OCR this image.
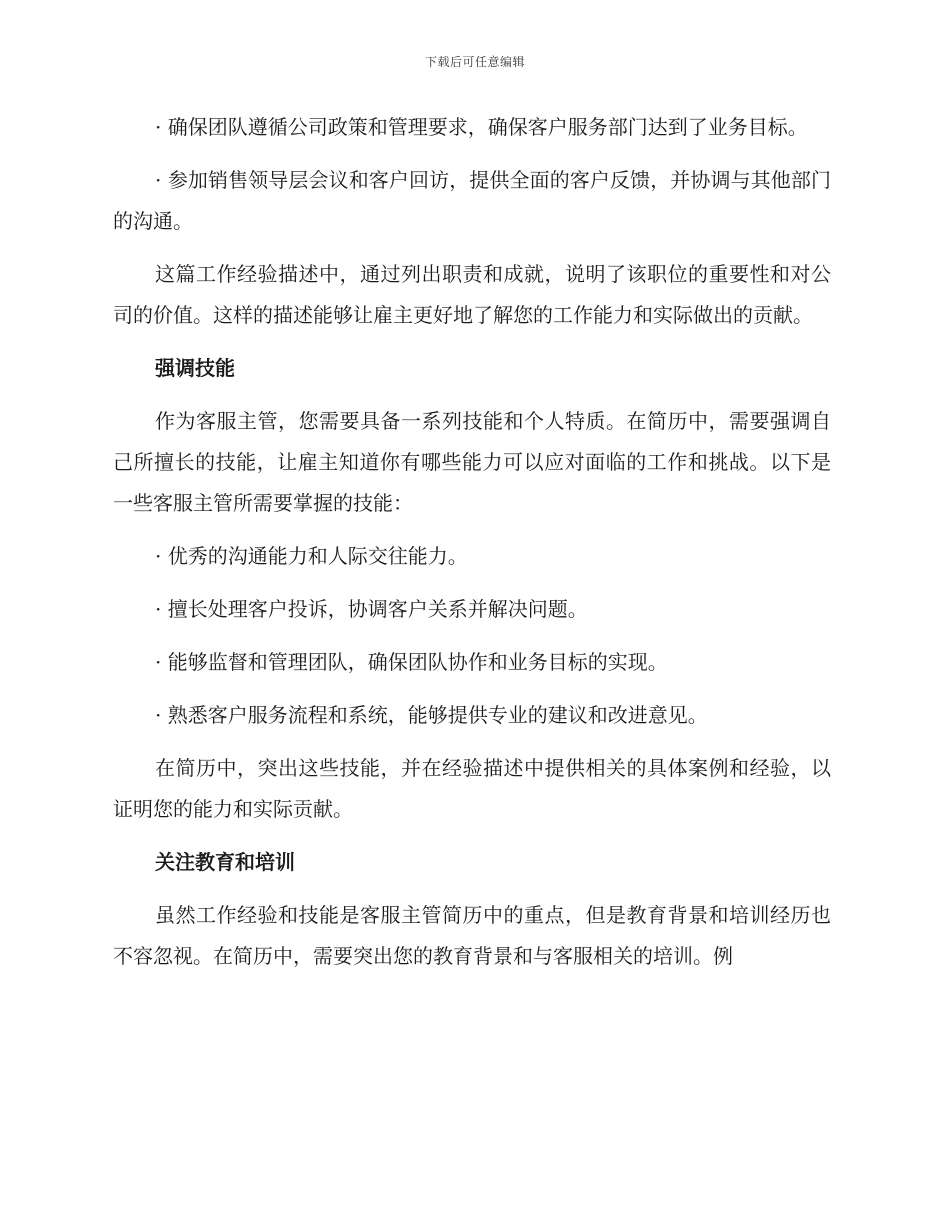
下载后可任意编辑

· 确保团队遵循公司政策和管理要求，确保客户服务部门达到了业务目标。

· 参加销售领导层会议和客户回访，提供全面的客户反馈，并协调与其他部门的沟通。

这篇工作经验描述中，通过列出职责和成就，说明了该职位的重要性和对公司的价值。这样的描述能够让雇主更好地了解您的工作能力和实际做出的贡献。

强调技能

作为客服主管，您需要具备一系列技能和个人特质。在简历中，需要强调自己所擅长的技能，让雇主知道你有哪些能力可以应对面临的工作和挑战。以下是一些客服主管所需要掌握的技能：

· 优秀的沟通能力和人际交往能力。

· 擅长处理客户投诉，协调客户关系并解决问题。

· 能够监督和管理团队，确保团队协作和业务目标的实现。

· 熟悉客户服务流程和系统，能够提供专业的建议和改进意见。

在简历中，突出这些技能，并在经验描述中提供相关的具体案例和经验，以证明您的能力和实际贡献。

关注教育和培训

虽然工作经验和技能是客服主管简历中的重点，但是教育背景和培训经历也不容忽视。在简历中，需要突出您的教育背景和与客服相关的培训。例
